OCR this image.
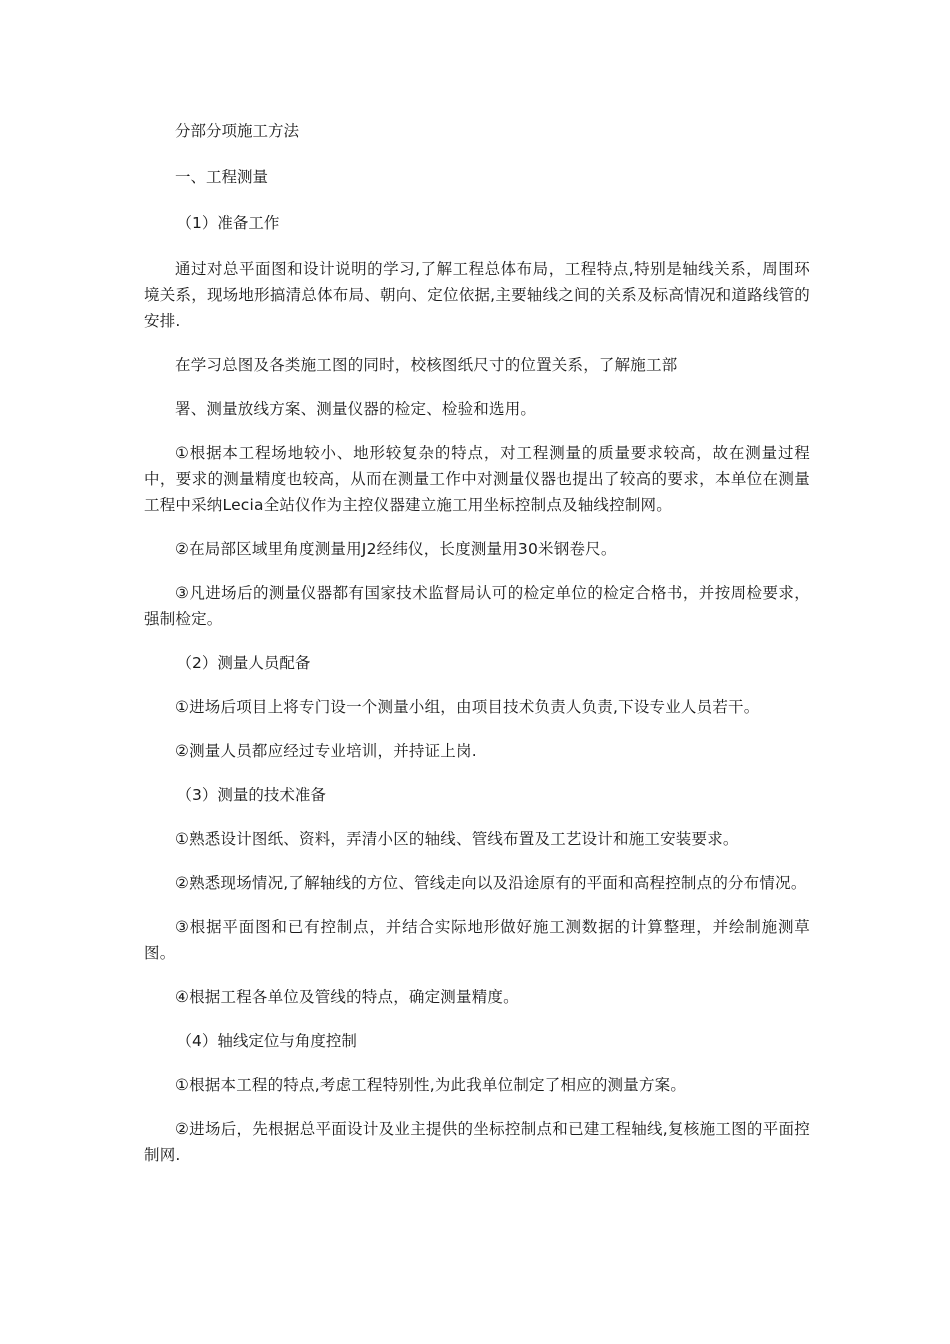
分部分项施工方法

一、工程测量

（1）准备工作

通过对总平面图和设计说明的学习,了解工程总体布局，工程特点,特别是轴线关系，周围环境关系，现场地形搞清总体布局、朝向、定位依据,主要轴线之间的关系及标高情况和道路线管的安排.

在学习总图及各类施工图的同时，校核图纸尺寸的位置关系，了解施工部

署、测量放线方案、测量仪器的检定、检验和选用。

①根据本工程场地较小、地形较复杂的特点，对工程测量的质量要求较高，故在测量过程中，要求的测量精度也较高，从而在测量工作中对测量仪器也提出了较高的要求，本单位在测量工程中采纳Lecia全站仪作为主控仪器建立施工用坐标控制点及轴线控制网。

②在局部区域里角度测量用J2经纬仪，长度测量用30米钢卷尺。

③凡进场后的测量仪器都有国家技术监督局认可的检定单位的检定合格书，并按周检要求，强制检定。

（2）测量人员配备

①进场后项目上将专门设一个测量小组，由项目技术负责人负责,下设专业人员若干。

②测量人员都应经过专业培训，并持证上岗.

（3）测量的技术准备

①熟悉设计图纸、资料，弄清小区的轴线、管线布置及工艺设计和施工安装要求。

②熟悉现场情况,了解轴线的方位、管线走向以及沿途原有的平面和高程控制点的分布情况。

③根据平面图和已有控制点，并结合实际地形做好施工测数据的计算整理，并绘制施测草图。

④根据工程各单位及管线的特点，确定测量精度。

（4）轴线定位与角度控制

①根据本工程的特点,考虑工程特别性,为此我单位制定了相应的测量方案。

②进场后，先根据总平面设计及业主提供的坐标控制点和已建工程轴线,复核施工图的平面控制网.
